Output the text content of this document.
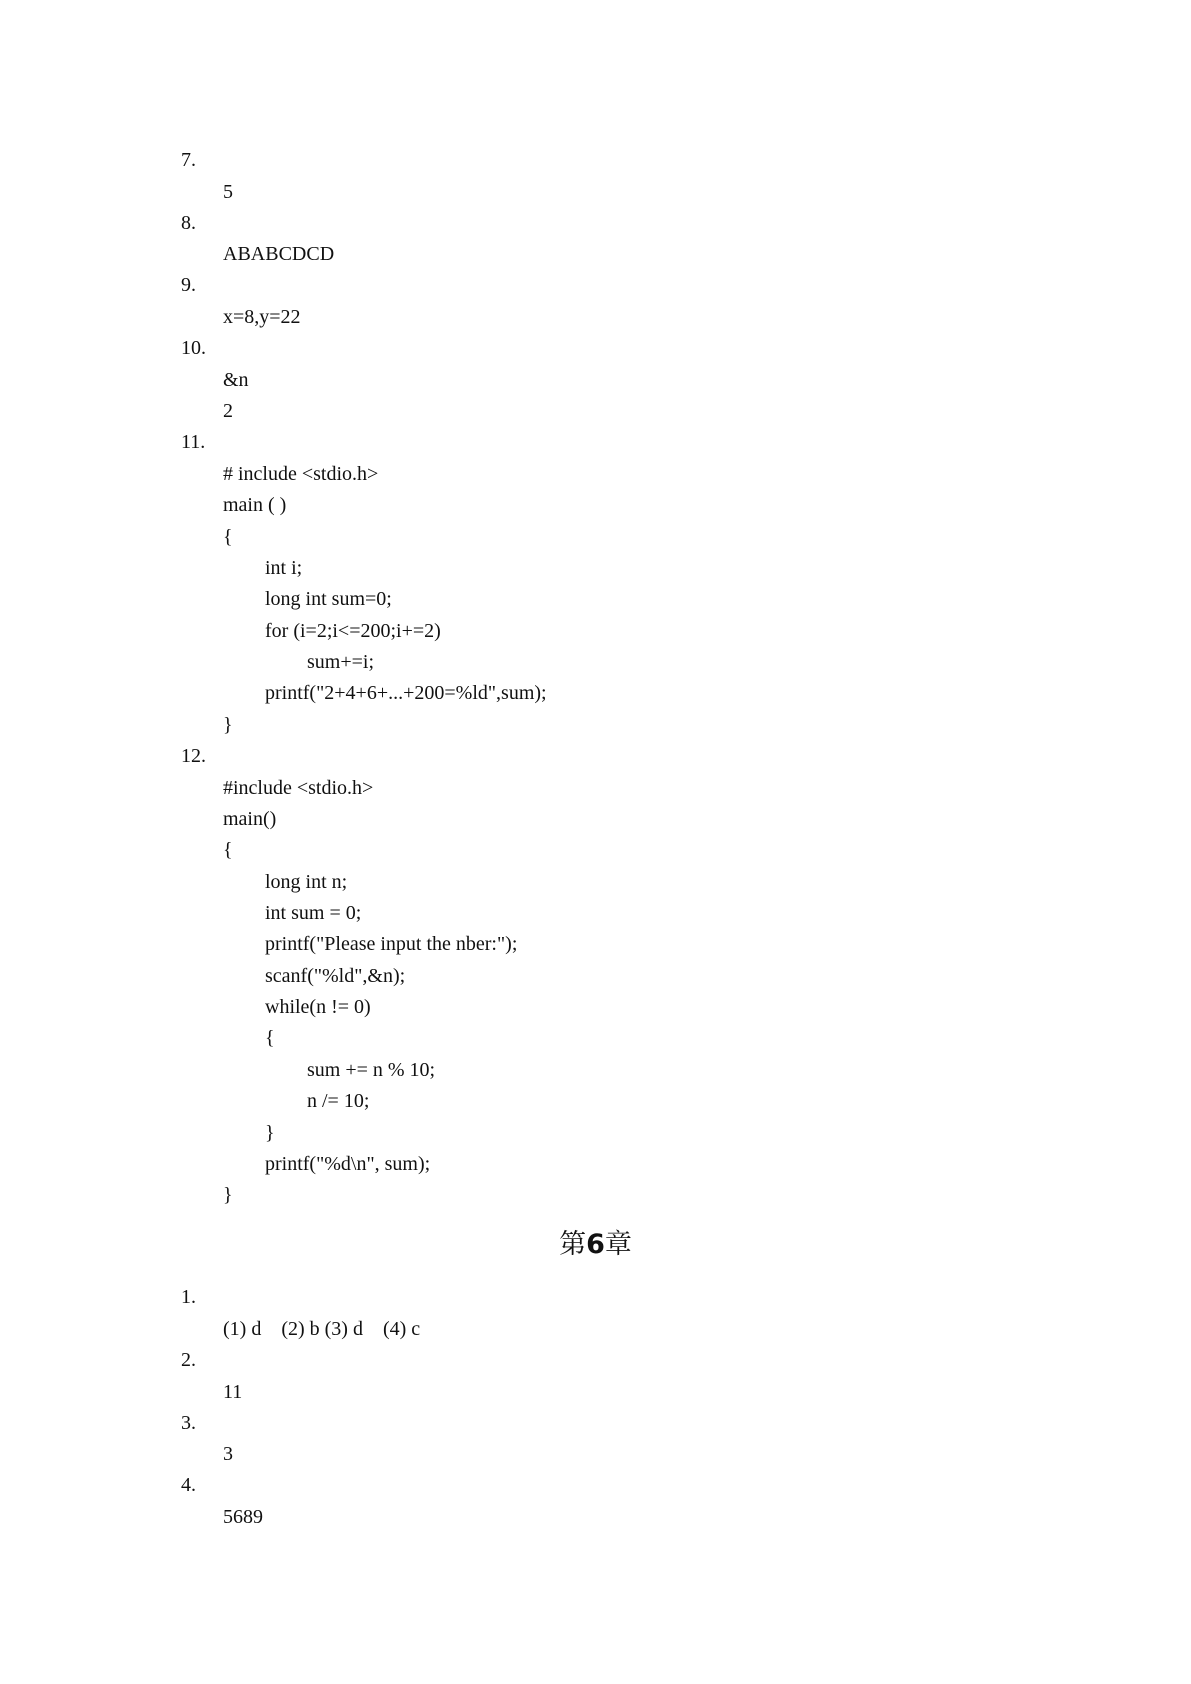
7.
5
8.
ABABCDCD
9.
x=8,y=22
10.
&n
2
11.
# include <stdio.h>
main ( )
{
int i;
long int sum=0;
for (i=2;i<=200;i+=2)
sum+=i;
printf("2+4+6+...+200=%ld",sum);
}
12.
#include <stdio.h>
main()
{
long int n;
int sum = 0;
printf("Please input the nber:");
scanf("%ld",&n);
while(n != 0)
{
sum += n % 10;
n /= 10;
}
printf("%d\n", sum);
}
第6章
1.
(1) d    (2) b (3) d    (4) c
2.
11
3.
3
4.
5689
